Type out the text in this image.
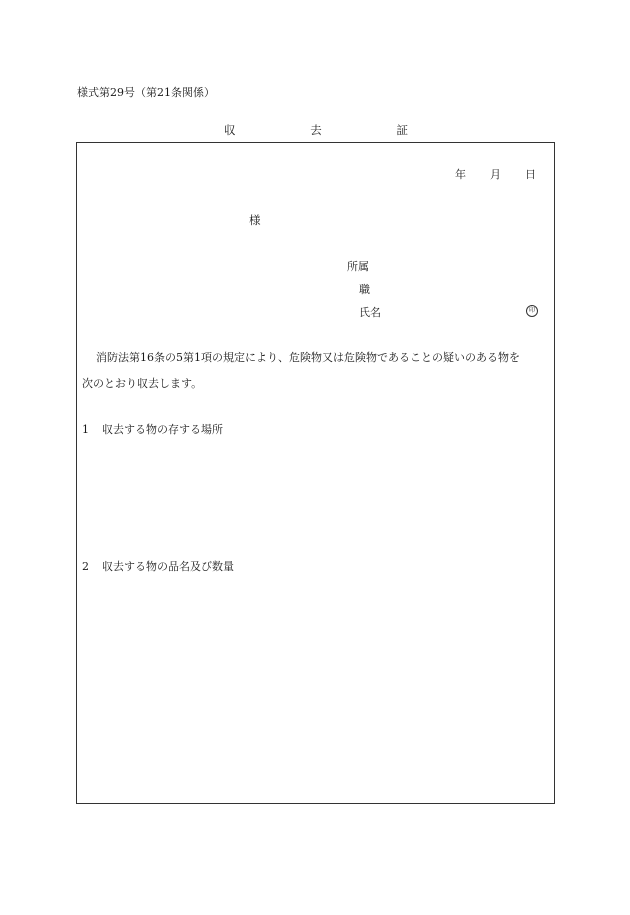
様式第29号（第21条関係）
収	去	証
年 月 日
様
所属
職
氏名	印

消防法第16条の5第1項の規定により、危険物又は危険物であることの疑いのある物を

次のとおり収去します。

1 収去する物の存する場所
2 収去する物の品名及び数量
